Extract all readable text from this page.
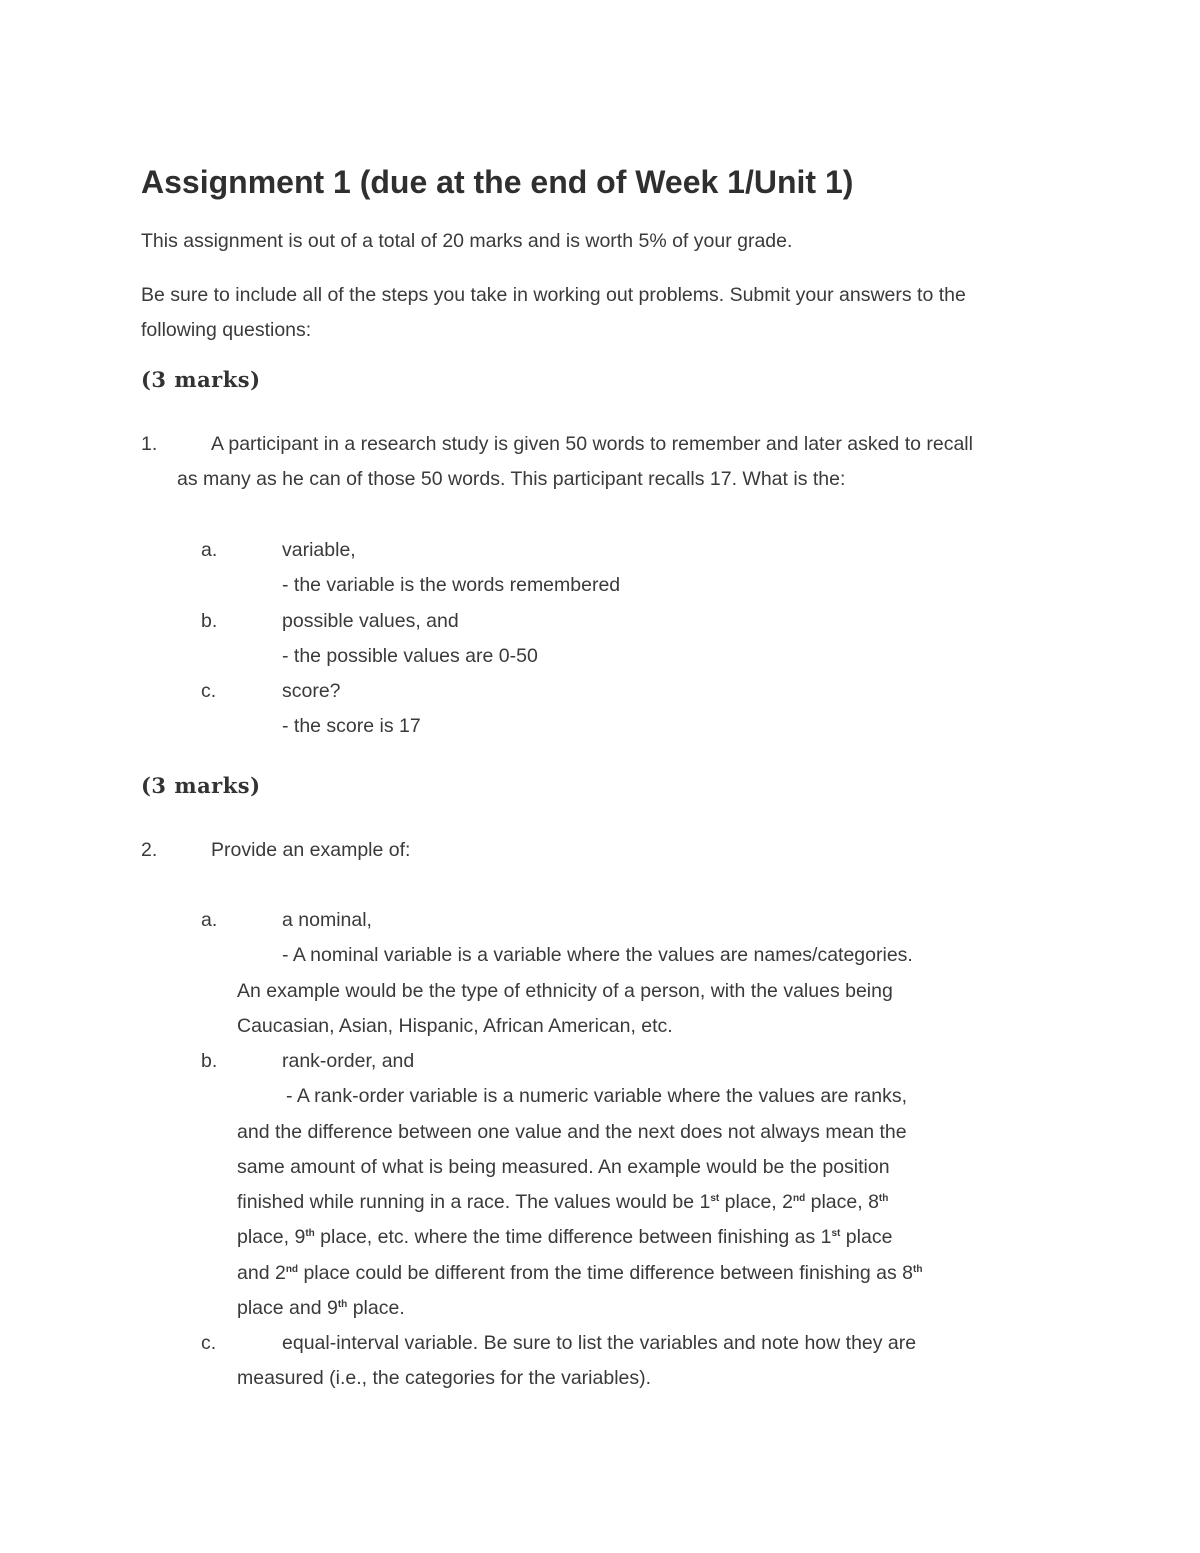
Assignment 1 (due at the end of Week 1/Unit 1)
This assignment is out of a total of 20 marks and is worth 5% of your grade.
Be sure to include all of the steps you take in working out problems. Submit your answers to the
following questions:
(3 marks)
1.	A participant in a research study is given 50 words to remember and later asked to recall
as many as he can of those 50 words. This participant recalls 17. What is the:
a.	variable,
- the variable is the words remembered
b.	possible values, and
- the possible values are 0-50
c.	score?
- the score is 17
(3 marks)
2.	Provide an example of:
a.	a nominal,
- A nominal variable is a variable where the values are names/categories.
An example would be the type of ethnicity of a person, with the values being
Caucasian, Asian, Hispanic, African American, etc.
b.	rank-order, and
- A rank-order variable is a numeric variable where the values are ranks,
and the difference between one value and the next does not always mean the
same amount of what is being measured. An example would be the position
finished while running in a race. The values would be 1st place, 2nd place, 8th
place, 9th place, etc. where the time difference between finishing as 1st place
and 2nd place could be different from the time difference between finishing as 8th
place and 9th place.
c.	equal-interval variable. Be sure to list the variables and note how they are
measured (i.e., the categories for the variables).
